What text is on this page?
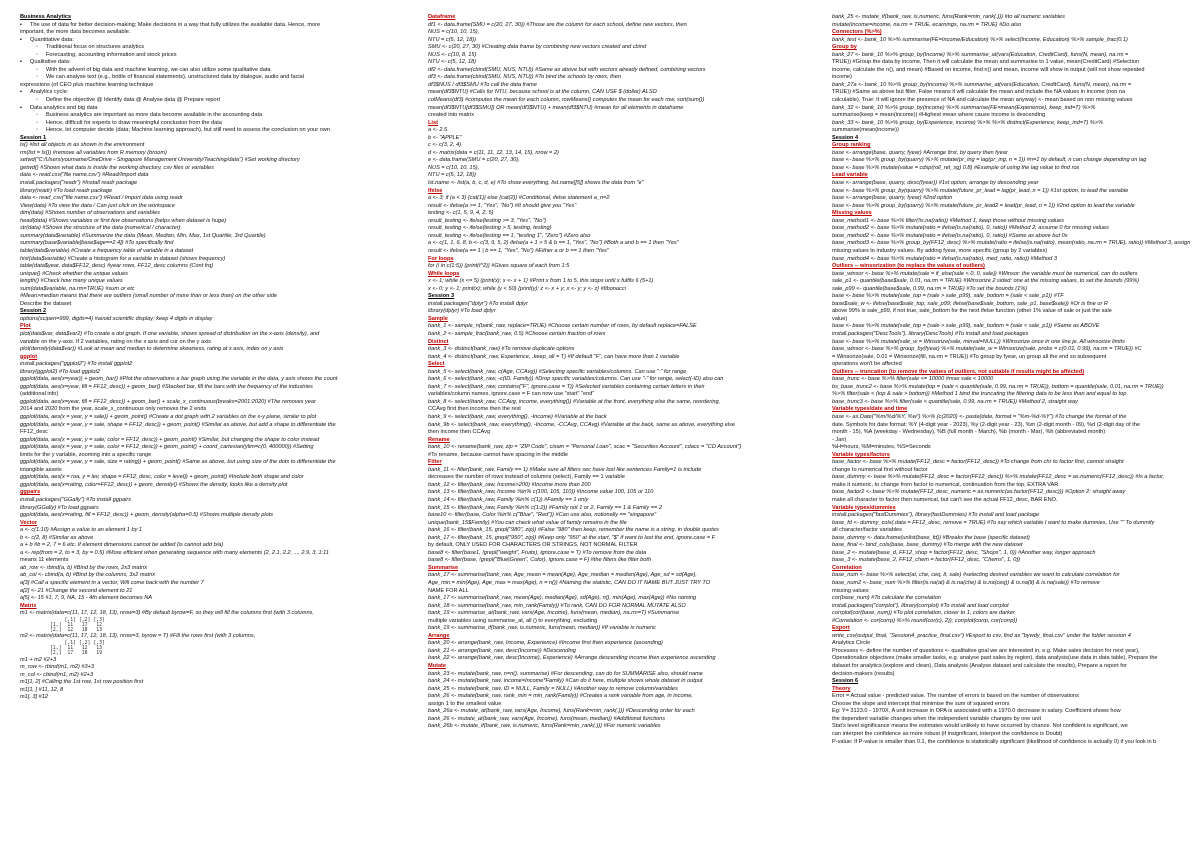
Business Analytics
▪ The use of data for better decision-making; Make decisions in a way that fully utilizes the available data. Hence, more
important, the more data becomes available.
▪ Quantitative data:
◦ Traditional focus on structures analytics
◦ Forecasting, accounting information and stock prices
▪ Qualitative data:
◦ With the advent of big data and machine learning, we can also utilize some qualitative data
◦ We can analyse text (e.g., bottle of financial statements), unstructured data by dialogue, audio and facial
expressions (of CEO plus machine learning technique
▪ Analytics cycle:
◦ Define the objective @ Identify data @ Analyse data @ Prepare report
▪ Data analytics and big data
◦ Business analytics are important as more data become available in the accounting data
◦ Hence, difficult for experts to draw meaningful conclusion from the data
◦ Hence, let computer decide (data; Machine learning approach), but still need to assess the conclusion on your own
Session 1
ls() #list all objects in as shown in the environment
rm(list = ls()) #remove all variables from R memory (broom)
setwd("C:/Users/yourname/OneDrive - Singapore Management University/Teaching/data") #Set working directory
getwd() #Shows what data is inside the working directory, csv files or variables
data <- read.csv("file name.csv") #Read/Import data
install.packages("readr") #Install readr package
library(readr) #To load readr package
data <- read_csv("file name.csv") #Read / Import data using readr
View(data) #To view the data / Can just click on the workspace
dim(data) #Shows number of observations and variables
head(data) #Shows variables or first few observations (helps when dataset is huge)
str(data) #Shows the structure of the data (numerical / character)
summary(data$variable) #Summarize the data (Mean, Median, Min, Max, 1st Quartile, 3rd Quartile)
summary(base$variable[base$age==2.4]) #To specifically find
table(data$variable) #Create a frequency table of variable in a dataset
hist(data$variable) #Create a histogram for a variable in dataset (shows frequency)
table(data$year, data$FF12_desc) #year rows, FF12_desc columns (Cont frq)
unique() #Check whether the unique values
length() #Check how many unique values
sum(data$variable, na.rm=TRUE) #sum or etc
#Mean>median means that there are outliers (small number of more than or less than) on the other side
Describe the dataset
Session 2
options(scipen=999, digits=4) #avoid scientific display; keep 4 digits in display
Plot
plot(data$var, data$var2) #To create a dot graph. If one variable, shows spread of distribution on the x-axis (density), and
variable on the y-axis. If 2 variables, rating on the x axis and cur on the y axis
plot(density(data$var)) #Look at mean and median to determine skewness, rating at x axis, index on y axis
ggplot
install.packages("ggplot2") #To install ggplot2
library(ggplot2) #To load ggplot2
ggplot(data, aes(x=year)) + geom_bar() #Plot the observations a bar graph using the variable in the data, y axis shows the count
ggplot(data, aes(x=year, fill = FF12_desc)) + geom_bar() #Stacked bar, fill the bars with the frequency of the industries
(additional info)
ggplot(data, aes(x=year, fill = FF12_desc)) + geom_bar() + scale_x_continuous(breaks=2001:2020) #The removes year
2014 and 2020 from the year, scale_x_continuous only removes the 2 ends
ggplot(data, aes(x = year, y = sale)) + geom_point() #Create a dot graph with 2 variables on the x-y plane, similar to plot
ggplot(data, aes(x = year, y = sale, shape = FF12_desc)) + geom_point() #Similar as above, but add a shape to differentiate the
FF12_desc
ggplot(data, aes(x = year, y = sale, color = FF12_desc)) + geom_point() #Similar, but changing the shape to color instead
ggplot(data, aes(x = year, y = sale, color = FF12_desc)) + geom_point() + coord_cartesian(ylim=c(0, 400000)) #Setting
limits for the y variable, zooming into a specific range
ggplot(data, aes(x = year, y = sale, size = rating)) + geom_point() #Same as above, but using size of the dots to differentiate the
intangible assets
ggplot(data, aes(x = roa, y = lev, shape = FF12_desc, color = level)) + geom_point() #Include both shape and color
ggplot(data, aes(x=rating, color=FF12_desc)) + geom_density() #Shows the density, looks like a density plot
ggpairs
install.packages("GGally") #To install ggpairs
library(GGally) #To load ggpairs
ggplot(data, aes(x=rating, fill = FF12_desc)) + geom_density(alpha=0.5) #Shows multiple density plots
Vector
a <- c(1:10) #Assign a value to an element 1 by 1
b <- c(2, 8) #Similar as above
a + b #b = 2, 7 = 6 etc. If element dimensions cannot be added (is cannot add b/a)
a <- rep(from = 2, to = 3, by = 0.5) #More efficient when generating sequence with many elements (2, 2.1, 2.2, ..., 2.9, 3, 1:11
means 11 elements
ab_row <- rbind(a, b) #Bind by the rows, 2x3 matrix
ab_col <- cbind(a, b) #Bind by the columns, 3x2 matrix
a[3] #Call a specific element in a vector, Will come back with the number 7
a[2] <- 21 #Change the second element to 21
a[5] <- 15 #1, 7, 9, NA, 15 - 4th element becomes NA
Matrix
m1 <- matrix(data=c(11, 17, 12, 18, 13), nrow=3) #By default byrow=F, so they will fill the columns first (with 3 columns,
[,1] [,2] [,3]
[1,]  11   17   12
[2,]  12   18   13
m2 <- matrix(data=c(11, 17, 12, 18, 13), nrow=3, byrow = T) #Fill the rows first (with 3 columns,
[,1] [,2] [,3]
[1,]  11   12   13
[2,]  17   18   19
m1 + m2 #2+3
m_row <- rbind(m1, m2) #3+3
m_col <- cbind(m1, m2) #2+3
m1[1, 2] #Calling the 1st row, 1st row position first
m1[1, ] #11, 12, 8
m1[, 3] #12
Dataframe
df1 <- data.frame(SMU = c(20, 27, 30)) #Those are the column for each school, define new vectors, then
NUS = c(10, 10, 15),
NTU = c(5, 12, 18))
SMU <- c(20, 27, 30) #Creating data frame by combining new vectors created and cbind
NUS <- c(10, 8, 15)
NTU <- c(5, 12, 18)
df2 <- data.frame(cbind(SMU, NUS, NTU)) #Same as above but with vectors already defined, combining vectors
df3 <- data.frame(cbind(SMU, NUS, NTU)) #To bind the schools by rows, then
df3$NUS / df3$SMU #To call the data frame
mean(df3$NTU) #Calls for NTU, because school is at the column, CAN USE $ (dollar) ALSO
colMeans(df3) #computes the mean for each column, rowMeans() computes the mean for each row, sort(sum())
mean(df3$NTU[df3$SMU]) OR mean(df3$NTU) + mean(df3$NTU) #mean for all elements in dataframe
created into matrix
List
a <- 2.5
b <- "APPLE"
c <- c(3, 2, 4)
d <- matrix(data = c(11, 11, 12, 13, 14, 15), nrow = 2)
e <- data.frame(SMU = c(20, 27, 30),
NUS = c(10, 10, 15),
NTU = c(5, 12, 18))
lst.name <- list(a, b, c, d, e) #To show everything, list.name[[5]] shows the data from "e"
Ifelse
a <- 3; if (a < 3) {cat(1)} else {cat(2)} #Conditional, ifelse statement a_n=2
result <- ifelse(a >= 1, "Yes", "No") #It should give you "Yes"
testing <- c(1, 5, 9, 4, 2, 5)
result_testing <- ifelse(testing >= 3, "Yes", "No")
result_testing <- ifelse(testing > 5, testing, testing)
result_testing <- ifelse(testing == 1, "testing 1", "Zero") #Zero also
a <- c(1, 1, 6, 8, b <- c(3, 9, 5, 2) ifelse(a + 1 > 5 & b == 1, "Yes", "No") #Both a and b == 1 then "Yes"
result <- ifelse(a == 1 | b == 1, "Yes", "No") #Either a or b == 1 then "Yes"
For loops
for (i in c(1:5)) {print(i^2)} #Gives square of each from 1:5
While loops
x <- 1; while (x <= 5) {print(x); x <- x + 1} #Print x from 1 to 5, this stops until x fulfils 6 (5+1)
x <- 0; y <- 1; print(x); while (y < 50) {print(y); z <- x + y; x <- y; y <- z} #fibonacci
Session 3
install.packages("dplyr") #To install dplyr
library(dplyr) #To load dplyr
Sample
bank_1 <- sample_n(bank_raw, replace=TRUE) #Choose certain number of rows, by default replace=FALSE
bank_2 <- sample_frac(bank_raw, 0.5) #Choose certain fraction of rows
Distinct
bank_3 <- distinct(bank_raw) #To remove duplicate options
bank_4 <- distinct(bank_raw, Experience, .keep_all = T) #If default "F", can have more than 1 variable
Select
bank_5 <- select(bank_raw, c(Age, CCAvg)) #Selecting specific variables/columns. Can use ":" for range
bank_6 <- select(bank_raw, -c(ID, Family)) #Drop specific variables/columns. Can use "-" for range, select(-ID) also can
bank_7 <- select(bank_raw, contains("F", ignore.case = T)) #Selected variables containing certain letters in their
variables/column names, ignore.case = F can now use "start" "end"
bank_8 <- select(bank_raw, CCAvg, income, everything()) #Variable at the front, everything else the same, reordering,
CCAvg first then income then the rest
bank_9 <- select(bank_raw, everything(), -Income) #Variable at the back
bank_9b <- select(bank_raw, everything(), -Income, -CCAvg, CCAvg) #Variable at the back, same as above, everything else
then income then CCAvg
Rename
bank_10 <- rename(bank_raw, zip = "ZIP Code", cisam = "Personal Loan", scac = "Securities Account", cdacc = "CD Account")
#To rename, because cannot have spacing in the middle
Filter
bank_11 <- filter(bank_raw, Family == 1) #Make sure all filters sec have lost like sentences Family=1 is include
decreases the number of rows instead of columns (select), Family == 1 variable
bank_12 <- filter(bank_raw, Income>200) #Income more than 200
bank_13 <- filter(bank_raw, Income %in% c(100, 105, 110)) #Income value 100, 105 or 110
bank_14 <- filter(bank_raw, Family %in% c(1)) #Family == 1 only
bank_15 <- filter(bank_raw, Family %in% c(1:2)) #Family not 1 or 2, Family == 1 & Family == 2
base10 <- filter(base, Color %in% c("Blue", "Red")) #Can use also, notionally == "singapore"
unique(bank_15$Family) #You can check what value of family remains in the file
bank_16 <- filter(bank_15, grepl("980", zip)) #False "980" then keep, remember the name is a string, in double quotes
bank_17 <- filter(bank_15, grepl("950", zip)) #Keep only "950" at the start, "$" if want to last the end, ignore.case = F
by default, ONLY USED FOR CHARACTERS OR STRINGS, NOT NORMAL FILTER
base8 <- filter(base1, !grepl("weight", Fruits), ignore.case = T) #To remove from the data
base8 <- filter(base, !grepl("Blue|Green", Color), ignore.case = F) #the filters like filter both
Summarise
bank_17 <- summarise(bank_raw, Age_mean = mean(Age), Age_median = median(Age), Age_sd = sd(Age),
Age_min = min(Age), Age_max = max(Age), n = n()) #Naming the statistic, CAN DO IT NAME BUT JUST TRY TO
NAME FOR ALL
bank_17 <- summarise(bank_raw, mean(Age), median(Age), sd(Age), n(), min(Age), max(Age)) #No naming
bank_18 <- summarise(bank_raw, min_rank(Family)) #To rank, CAN DO FOR NORMAL MUTATE ALSO
bank_19 <- summarise_at(bank_raw, vars(Age, Income), funs(mean, median), na.rm=T) #Summarise
multiple variables using summarise_at, all () to everything, excluding
bank_19 <- summarise_if(bank_raw, is.numeric, funs(mean, median)) #If variable is numeric
Arrange
bank_20 <- arrange(bank_raw, Income, Experience) #Income first then experience (ascending)
bank_21 <- arrange(bank_raw, desc(Income)) #Descending
bank_22 <- arrange(bank_raw, desc(Income), Experience) #Arrange descending income then experience ascending
Mutate
bank_23 <- mutate(bank_raw, n=n(), summarise) #For descending, can do for SUMMARISE also, should name
bank_24 <- mutate(bank_raw, income=Income*Family) #Can do it here, multiple shows whole dataset in output
bank_25 <- mutate(bank_raw, ID = NULL, Family = NULL) #Another way to remove column/variables
bank_26 <- mutate(bank_raw, rank_min = min_rank(Family)) #Creates a rank variable from age, in income,
assign 1 to the smallest value
bank_26a <- mutate_at(bank_raw, vars(Age, Income), funs(Rank=min_rank(.))) #Descending order for each
bank_26 <- mutate_at(bank_raw, vars(Age, Income), funs(mean, median)) #Additional functions
bank_26b <- mutate_if(bank_raw, is.numeric, funs(Rank=min_rank(.))) #For numeric variables
bank_25 <- mutate_if(bank_raw, is.numeric, funs(Rank=min_rank(.))) #to all numeric variables
mutate(income=income, na.rm = TRUE, ecarnings, na.rm = TRUE) #Do also
Connectors (%>%)
bank_test <- bank_10 %>% summarise(FE=Income/Education) %>% select(Income, Education) %>% sample_frac(0.1)
Group by
bank_27 <- bank_10 %>% group_by(Income) %>% summarise_at(vars(Education, CreditCard), funs(N, mean), na.rm =
TRUE)) #Group the data by income, Then it will calculate the mean and summarise to 1 value, mean(CreditCard) #Selection
income, calculate the n(), and mean) #Based on income, find n() and mean, income will show in output (will not show repeated
income)
bank_27a <- bank_10 %>% group_by(income) %>% summarise_at(vars(Education, CreditCard), funs(N, mean), na.rm =
TRUE)) #Same as above but filter. False means it will calculate the mean and include the NA values in income (non na
calculable). True: It will ignore the presence of NA and calculate the mean anyway) <- mean based on non missing values
bank_32 <- bank_10 %>% group_by(income) %>% summarise(FE=mean(Experience), keep_ind=T) %>%
summarise(keep = mean(income)) #Highest mean where cause income is descending
bank_33 <- bank_10 %>% group_by(Experience, income) %>% %>% distinct(Experience, keep_ind=T) %>%
summarise(mean(income))
Session 4
Group ranking
base <- arrange(base, quarry, fyear) #Arrange first, by query then fyear
base <- base %>% group_by(quarry) %>% mutate(pr_ing = lag(pr_ing, n = 1)) #n=1 by default, n can change depending on lag
base <- base %>% mutate(value = cdsp(roll_ret_sg) 0.8) #Example of using the lag value to find ros
Lead variable
base <- arrange(base, quarry, desc(fyear)) #1st option, arrange by descending year
base <- base %>% group_by(quarry) %>% mutate(future_pr_lead = lag(pr_lead, n = 1)) #1st option, to lead the variable
base <- arrange(base, quarry, fyear) #2nd option
base <- base %>% group_by(quarry) %>% mutate(future_pr_lead2 = lead(pr_lead, n = 1)) #2nd option to lead the variable
Missing values
base_method1 <- base %>% filter(!is.na(ratio)) #Method 1, keep those without missing values
base_method2 <- base %>% mutate(ratio = ifelse(is.na(ratio), 0, ratio)) #Method 2, assume 0 for missing values
base_method2 <- base %>% mutate(ratio = ifelse(is.na(ratio), 0, ratio)) #Same as above but 0s
base_method3 <- base %>% group_by(FF12_desc) %>% mutate(ratio = ifelse(is.na(ratio), mean(ratio, na.rm = TRUE), ratio)) #Method 3, assign
missing values to industry values. By adding fyear, more specific (group by 2 variables)
base_method4 <- base %>% mutate(ratio = ifelse(is.na(ratio), med_ratio, ratio)) #Method 3
Outliers -- winsorization (to replace the values of outliers)
base_winsor <- base %>% mutate(sale = if_else(sale < 0, 0, sale)) #Winsor: the variable must be numerical, can do outliers
sale_p1 <- quantile(base$sale, 0.01, na.rm = TRUE) #Winsorize 2 sided: one at the missing values, to set the bounds (99%)
sale_p99 <- quantile(base$sale, 0.99, na.rm = TRUE) #To set the bounds (1%)
base <- base %>% mutate(sale_top = (sale > sale_p99), sale_bottom = (sale < sale_p1)) #TF
base$sale_w <- ifelse(base$sale_top, sale_p99, ifelse(base$sale_bottom, sale_p1, base$sale)) #Or is fine or R
above 99% is sale_p99, if not true, sale_bottom for the next ifelse function (other 1% value of sale or just the sale
value)
base <- base %>% mutate(sale_top = (sale > sale_p99), sale_bottom = (sale < sale_p1)) #Same as ABOVE
install.packages("DescTools"), library(DescTools) #To install and load packages
base <- base %>% mutate(sale_w = Winsorize(sale, minval=NULL)) #Winsorize once in one line je. All winsorize limits
base_winsor <- base %>% group_by(fyear) %>% mutate(sale_w = Winsorize(sale, probs = c(0.01, 0.99), na.rm = TRUE)) #C
= Winsorize(sale, 0.01 = Winsorize(fill, na.rm = TRUE)) #To group by fyear, un group all the end so subsequent
operations won't be affected
Outliers -- truncation (to remove the values of outliers, not suitable if results might be affected)
base_trunc <- base %>% filter(sale <= 10000 #max sale < 10000
bs_base_trunc2 <- base %>% mutate(top = (sale < quantile(sale, 0.99, na.rm = TRUE)), bottom = quantile(sale, 0.01, na.rm = TRUE))
%>% filter(sale < (top & sale > bottom)) #Method 1 bind the truncating the filtering data to be less than and equal to top
base_trunc3 <- base %>% filter(sale < quantile(sale, 0.99, na.rm = TRUE)) #Method 2, straight way
Variable types/date and time
base <- as.Date("%m/%d/%Y, %w") %>% (c(2020) <- paste(date, format = "%m-%d-%Y") #To change the format of the
date. Symbols for date format: %Y (4-digit year - 2023), %y (2-digit year - 23), %m (2-digit month - 09), %d (2-digit day of the
month - 15), %A (weekday - Wednesday), %B (full month - March), %b (month - Mar), %h (abbreviated month)
- Jan)
%H=hours, %M=minutes, %S=Seconds
Variable types/factors
base_factor <- base %>% mutate(FF12_desc = factor(FF12_desc)) #To change from chr to factor first, cannot straight
change to numerical first without factor
base_dummy <- base %>% mutate(FF12_desc = factor(FF12_desc)) %>% mutate(FF12_desc = as.numeric(FF12_desc)) #Is a factor,
make it numeric, to change from factor to numerical, continuation from the top, EXTRA VAR
base_factor2 <- base %>% mutate(FF12_desc_numeric = as.numeric(as.factor(FF12_desc))) #Option 2: straight away
make all character to factor then numerical, but can't see the actual FF12_desc, BAR ENO.
Variable types/dummies
install.packages("fastDummies"), library(fastDummies) #To install and load package
base_fd <- dummy_cols(.data = FF12_desc, remove = TRUE) #To say which variable I want to make dummies, Use "" To dummify
all character/factor variables
base_dummy <- data.frame(unlist(base_fd)) #Breaks the base (specific dataset)
base_final <- bind_cols(base, base_dummy) #To merge with the new dataset
base_2 <- mutate(base_d, FF12_shop = factor(FF12_desc, "Shops", 1, 0)) #Another way, longer approach
base_3 <- mutate(base_2, FF12_chem = factor(FF12_desc, "Chems", 1, 0))
Correlation
base_num <- base %>% select(at, che, ceq, lt, sale) #selecting desired variables we want to calculate correlation for
base_num2 <- base_num %>% filter(is.na(at) & is.na(che) & is.na(ceq)) & is.na(lt) & is.na(sale)) #To remove
missing values
cor(base_num) #To calculate the correlation
install.packages("corrplot"), library(corrplot) #To install and load corrplot
corrplot(cor(base_num)) #To plot correlation, closer to 1, colors are darker
#Correlation <- cor(corrp) %>% round(cor(c), 2)); corrplot(corrp, cor(corrp))
Export
write_csv(output_final, "Session4_practice_final.csv") #Export to csv, find as "bywdy_final.csv" under the folder session 4
Analytics Circle
Processes <- define the number of questions <- qualitative goal we are interested in, e.g. Make sales decision for next year),
Operationalize objectives (make smaller tasks, e.g. analyse past sales by region), data analysis(use data in data table), Prepare the
dataset for analytics (explore and clean), Data analysis (Analyse dataset and calculate the results), Prepare a report for
decision-makers (results)
Session 6
Theory
Error = Actual value - predicted value. The number of errors is based on the number of observations
Choose the slope and intercept that minimise the sum of squared errors
Eg: Y= 3123.0 - 1970X, A unit increase in OPA is associated with a 1970.0 decrease in salary. Coefficient shows how
the dependent variable changes when the independent variable changes by one unit
Stat's level significance means the estimates would unlikely to have occurred by chance. Not confident is significant, we
can interpret the confidence as more robust (if insignificant, interpret the confidence is Doubt)
P-value: If P-value is smaller than 0.1, the confidence is statistically significant (likelihood of confidence is actually 0) if you look in b
